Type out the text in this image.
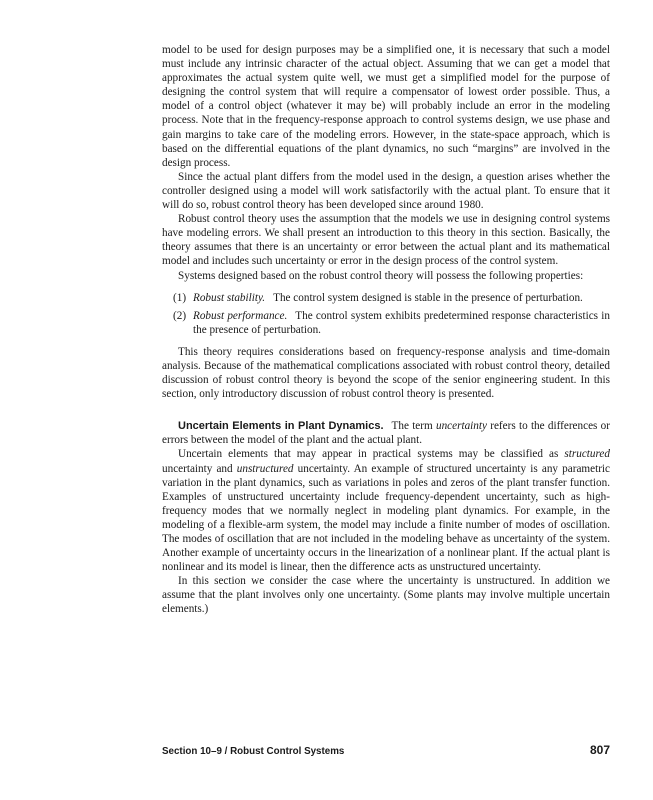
model to be used for design purposes may be a simplified one, it is necessary that such a model must include any intrinsic character of the actual object. Assuming that we can get a model that approximates the actual system quite well, we must get a simplified model for the purpose of designing the control system that will require a compensator of lowest order possible. Thus, a model of a control object (whatever it may be) will probably include an error in the modeling process. Note that in the frequency-response approach to control systems design, we use phase and gain margins to take care of the modeling errors. However, in the state-space approach, which is based on the differential equations of the plant dynamics, no such “margins” are involved in the design process.

Since the actual plant differs from the model used in the design, a question arises whether the controller designed using a model will work satisfactorily with the actual plant. To ensure that it will do so, robust control theory has been developed since around 1980.

Robust control theory uses the assumption that the models we use in designing control systems have modeling errors. We shall present an introduction to this theory in this section. Basically, the theory assumes that there is an uncertainty or error between the actual plant and its mathematical model and includes such uncertainty or error in the design process of the control system.

Systems designed based on the robust control theory will possess the following properties:

(1) Robust stability. The control system designed is stable in the presence of perturbation.
(2) Robust performance. The control system exhibits predetermined response characteristics in the presence of perturbation.

This theory requires considerations based on frequency-response analysis and time-domain analysis. Because of the mathematical complications associated with robust control theory, detailed discussion of robust control theory is beyond the scope of the senior engineering student. In this section, only introductory discussion of robust control theory is presented.

Uncertain Elements in Plant Dynamics. The term uncertainty refers to the differences or errors between the model of the plant and the actual plant.

Uncertain elements that may appear in practical systems may be classified as structured uncertainty and unstructured uncertainty. An example of structured uncertainty is any parametric variation in the plant dynamics, such as variations in poles and zeros of the plant transfer function. Examples of unstructured uncertainty include frequency-dependent uncertainty, such as high-frequency modes that we normally neglect in modeling plant dynamics. For example, in the modeling of a flexible-arm system, the model may include a finite number of modes of oscillation. The modes of oscillation that are not included in the modeling behave as uncertainty of the system. Another example of uncertainty occurs in the linearization of a nonlinear plant. If the actual plant is nonlinear and its model is linear, then the difference acts as unstructured uncertainty.

In this section we consider the case where the uncertainty is unstructured. In addition we assume that the plant involves only one uncertainty. (Some plants may involve multiple uncertain elements.)

Section 10–9 / Robust Control Systems	807
